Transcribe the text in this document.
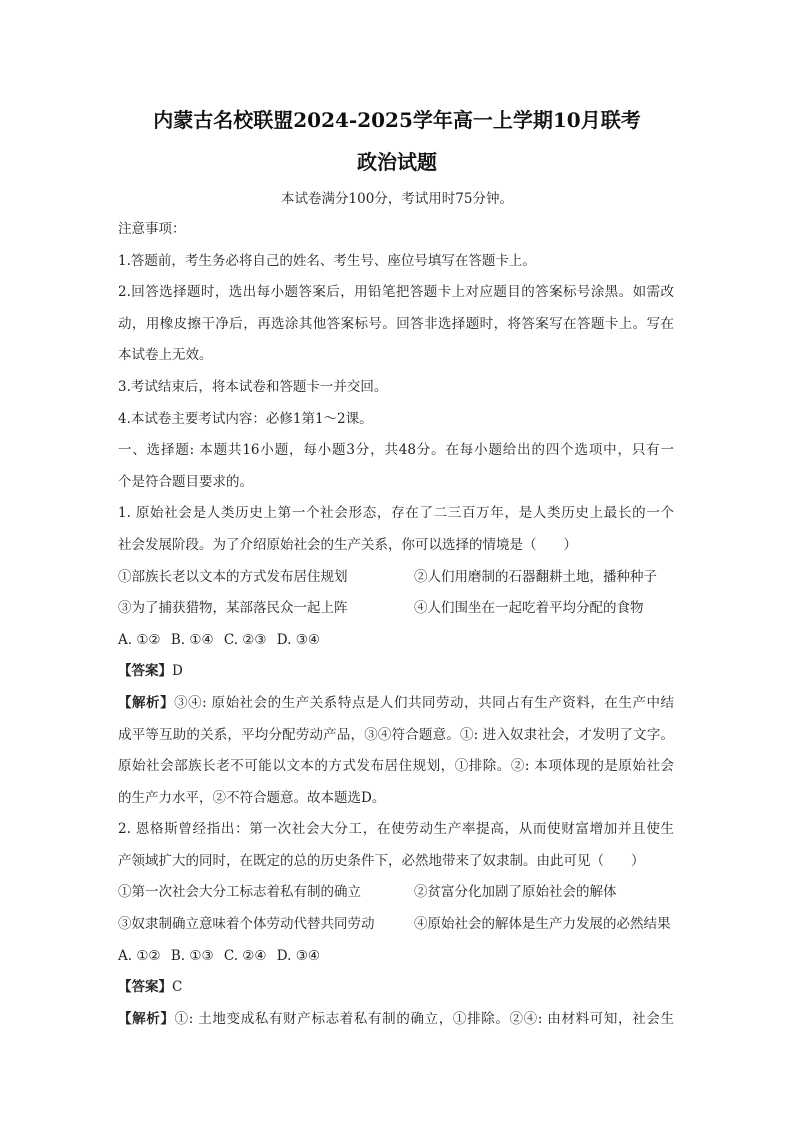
内蒙古名校联盟2024-2025学年高一上学期10月联考
政治试题
本试卷满分100分，考试用时75分钟。
注意事项：
1.答题前，考生务必将自己的姓名、考生号、座位号填写在答题卡上。
2.回答选择题时，选出每小题答案后，用铅笔把答题卡上对应题目的答案标号涂黑。如需改
动，用橡皮擦干净后，再选涂其他答案标号。回答非选择题时，将答案写在答题卡上。写在
本试卷上无效。
3.考试结束后，将本试卷和答题卡一并交回。
4.本试卷主要考试内容：必修1第1～2课。
一、选择题: 本题共16小题，每小题3分，共48分。在每小题给出的四个选项中，只有一
个是符合题目要求的。
1. 原始社会是人类历史上第一个社会形态，存在了二三百万年，是人类历史上最长的一个
社会发展阶段。为了介绍原始社会的生产关系，你可以选择的情境是（　　）
①部族长老以文本的方式发布居住规划	②人们用磨制的石器翻耕土地，播种种子
③为了捕获猎物，某部落民众一起上阵	④人们围坐在一起吃着平均分配的食物
A. ①② B. ①④ C. ②③ D. ③④
【答案】D
【解析】③④: 原始社会的生产关系特点是人们共同劳动，共同占有生产资料，在生产中结
成平等互助的关系，平均分配劳动产品，③④符合题意。①: 进入奴隶社会，才发明了文字。
原始社会部族长老不可能以文本的方式发布居住规划，①排除。②: 本项体现的是原始社会
的生产力水平，②不符合题意。故本题选D。
2. 恩格斯曾经指出：第一次社会大分工，在使劳动生产率提高，从而使财富增加并且使生
产领域扩大的同时，在既定的总的历史条件下，必然地带来了奴隶制。由此可见（　　）
①第一次社会大分工标志着私有制的确立	②贫富分化加剧了原始社会的解体
③奴隶制确立意味着个体劳动代替共同劳动	④原始社会的解体是生产力发展的必然结果
A. ①② B. ①③ C. ②④ D. ③④
【答案】C
【解析】①: 土地变成私有财产标志着私有制的确立，①排除。②④: 由材料可知，社会生
